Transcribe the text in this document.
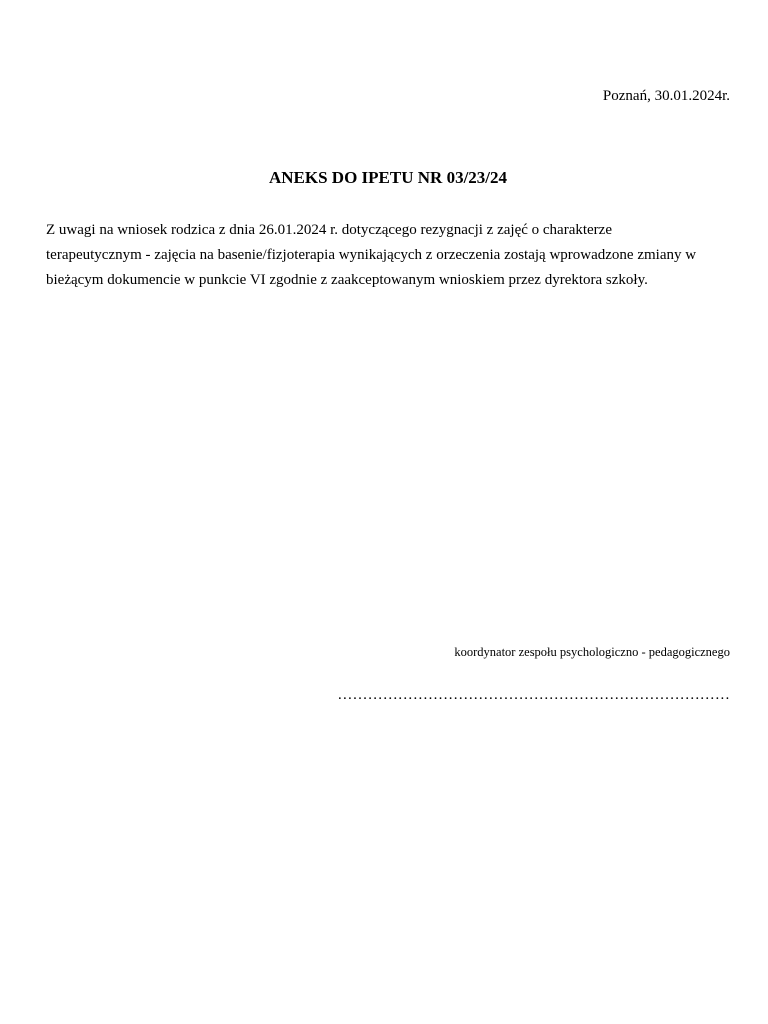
Poznań, 30.01.2024r.
ANEKS DO IPETU NR 03/23/24

Z uwagi na wniosek rodzica z dnia 26.01.2024 r. dotyczącego rezygnacji z zajęć o charakterze
terapeutycznym - zajęcia na basenie/fizjoterapia wynikających z orzeczenia zostają wprowadzone zmiany w
bieżącym dokumencie w punkcie VI zgodnie z zaakceptowanym wnioskiem przez dyrektora szkoły.

koordynator zespołu psychologiczno - pedagogicznego
……………………………………………………………………
